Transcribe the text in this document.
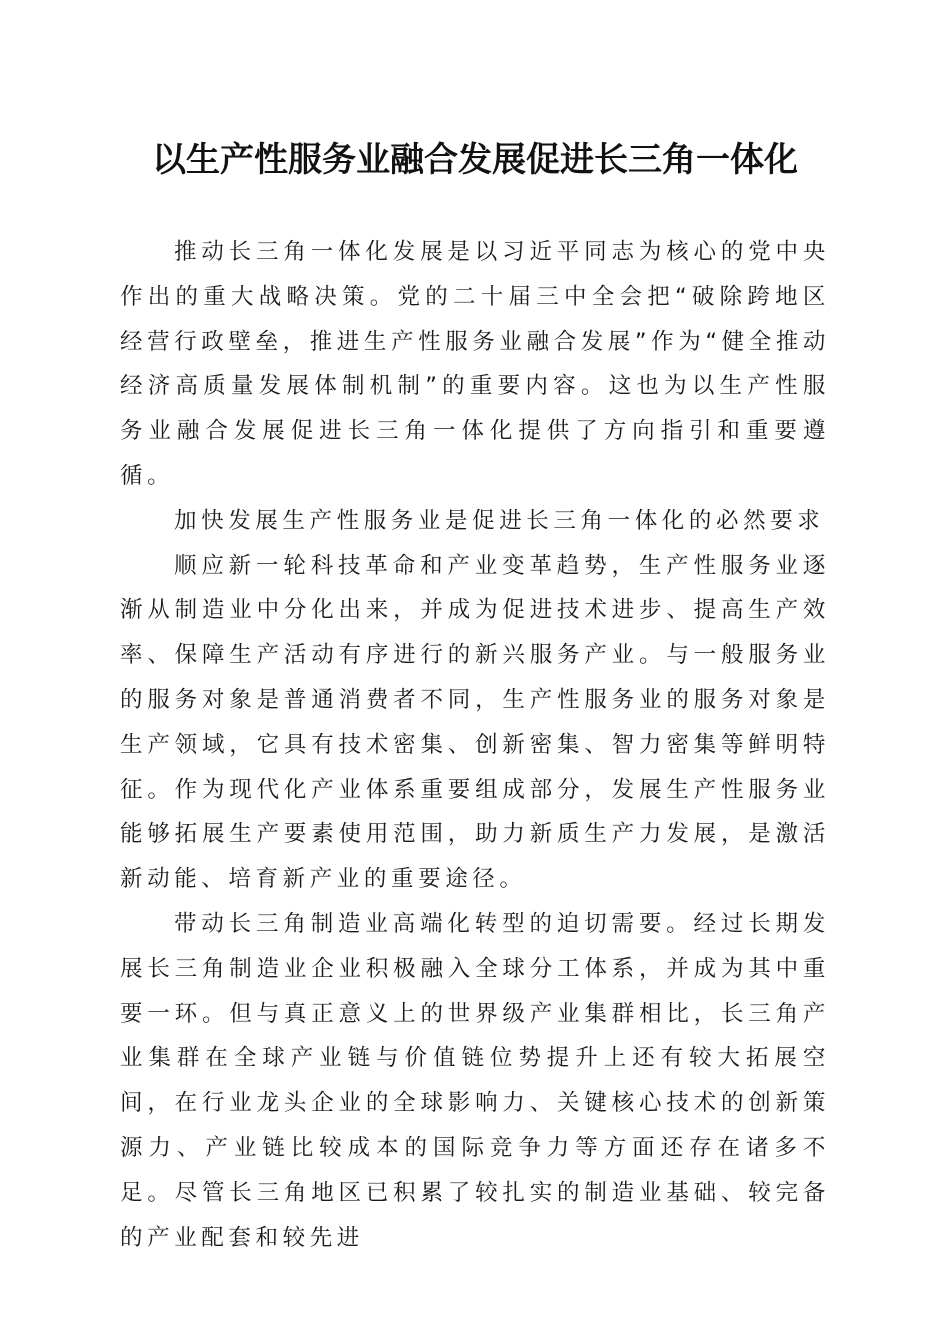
以生产性服务业融合发展促进长三角一体化

推动长三角一体化发展是以习近平同志为核心的党中央作出的重大战略决策。党的二十届三中全会把“破除跨地区经营行政壁垒，推进生产性服务业融合发展”作为“健全推动经济高质量发展体制机制”的重要内容。这也为以生产性服务业融合发展促进长三角一体化提供了方向指引和重要遵循。

加快发展生产性服务业是促进长三角一体化的必然要求

顺应新一轮科技革命和产业变革趋势，生产性服务业逐渐从制造业中分化出来，并成为促进技术进步、提高生产效率、保障生产活动有序进行的新兴服务产业。与一般服务业的服务对象是普通消费者不同，生产性服务业的服务对象是生产领域，它具有技术密集、创新密集、智力密集等鲜明特征。作为现代化产业体系重要组成部分，发展生产性服务业能够拓展生产要素使用范围，助力新质生产力发展，是激活新动能、培育新产业的重要途径。

带动长三角制造业高端化转型的迫切需要。经过长期发展长三角制造业企业积极融入全球分工体系，并成为其中重要一环。但与真正意义上的世界级产业集群相比，长三角产业集群在全球产业链与价值链位势提升上还有较大拓展空间，在行业龙头企业的全球影响力、关键核心技术的创新策源力、产业链比较成本的国际竞争力等方面还存在诸多不足。尽管长三角地区已积累了较扎实的制造业基础、较完备的产业配套和较先进
